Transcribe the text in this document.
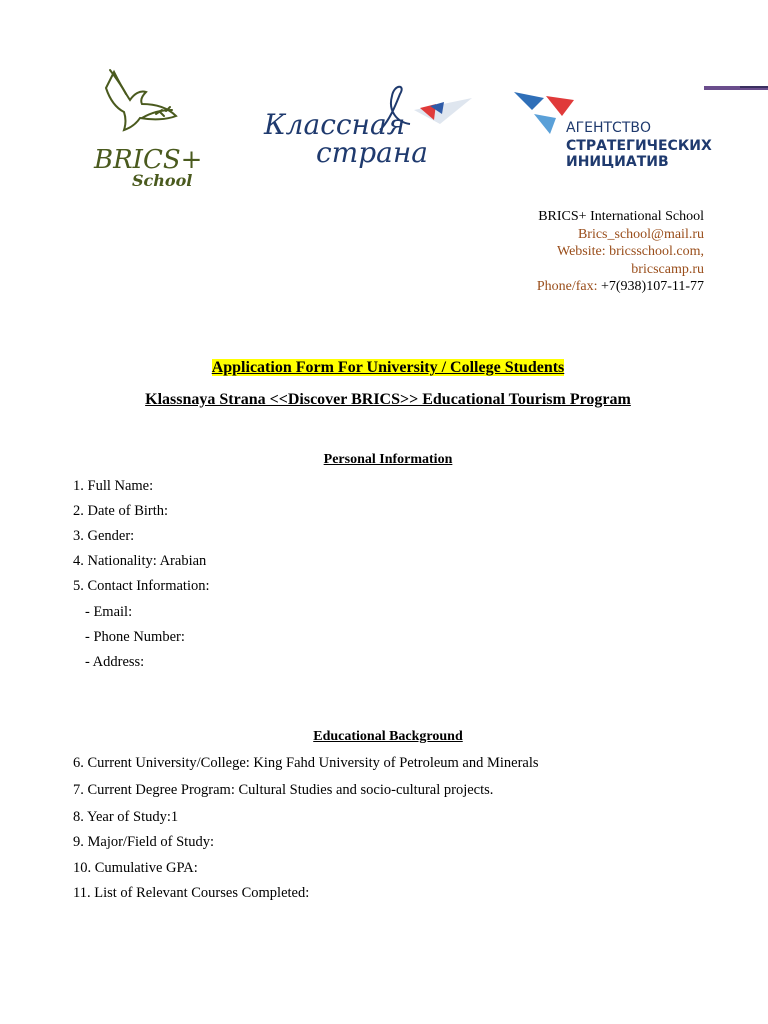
BRICS+
School
Классная
страна
АГЕНТСТВО
СТРАТЕГИЧЕСКИХ
ИНИЦИАТИВ
BRICS+ International School
Brics_school@mail.ru
Website: bricsschool.com,
bricscamp.ru
Phone/fax: +7(938)107-11-77
Application Form For University / College Students
Klassnaya Strana <<Discover BRICS>> Educational Tourism Program
Personal Information
1. Full Name:
2. Date of Birth:
3. Gender:
4. Nationality: Arabian
5. Contact Information:
- Email:
- Phone Number:
- Address:
Educational Background
6. Current University/College: King Fahd University of Petroleum and Minerals
7. Current Degree Program: Cultural Studies and socio-cultural projects.
8. Year of Study:1
9. Major/Field of Study:
10. Cumulative GPA:
11. List of Relevant Courses Completed:
